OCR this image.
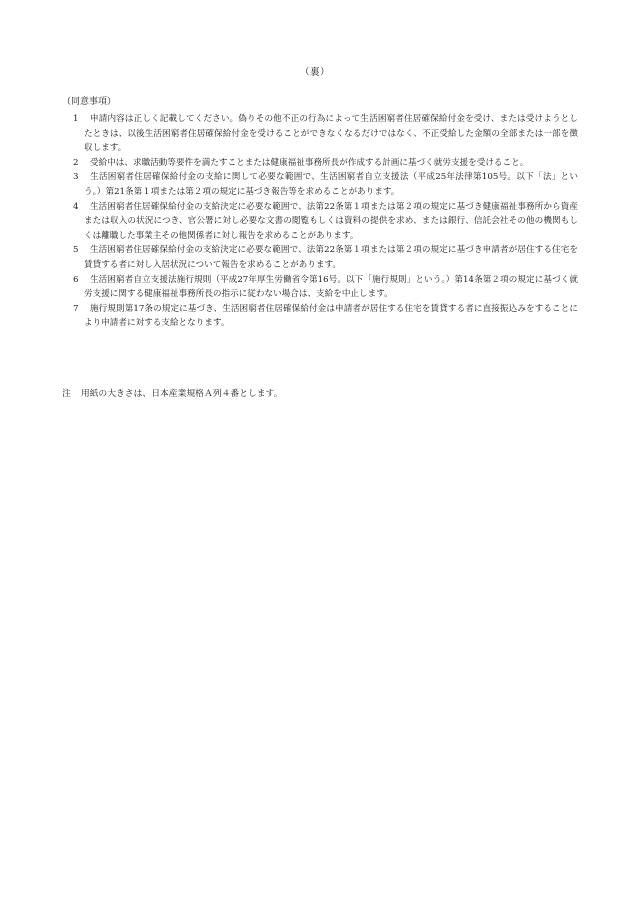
（裏）
（同意事項）
1	申請内容は正しく記載してください。偽りその他不正の行為によって生活困窮者住居確保給付金を受け、または受けようとしたときは、以後生活困窮者住居確保給付金を受けることができなくなるだけではなく、不正受給した金額の全部または一部を徴収します。
2	受給中は、求職活動等要件を満たすことまたは健康福祉事務所長が作成する計画に基づく就労支援を受けること。
3	生活困窮者住居確保給付金の支給に関して必要な範囲で、生活困窮者自立支援法（平成25年法律第105号。以下「法」という。）第21条第１項または第２項の規定に基づき報告等を求めることがあります。
4	生活困窮者住居確保給付金の支給決定に必要な範囲で、法第22条第１項または第２項の規定に基づき健康福祉事務所から資産または収入の状況につき、官公署に対し必要な文書の閲覧もしくは資料の提供を求め、または銀行、信託会社その他の機関もしくは離職した事業主その他関係者に対し報告を求めることがあります。
5	生活困窮者住居確保給付金の支給決定に必要な範囲で、法第22条第１項または第２項の規定に基づき申請者が居住する住宅を賃貸する者に対し入居状況について報告を求めることがあります。
6	生活困窮者自立支援法施行規則（平成27年厚生労働省令第16号。以下「施行規則」という。）第14条第２項の規定に基づく就労支援に関する健康福祉事務所長の指示に従わない場合は、支給を中止します。
7	施行規則第17条の規定に基づき、生活困窮者住居確保給付金は申請者が居住する住宅を賃貸する者に直接振込みをすることにより申請者に対する支給となります。
注 用紙の大きさは、日本産業規格Ａ列４番とします。
